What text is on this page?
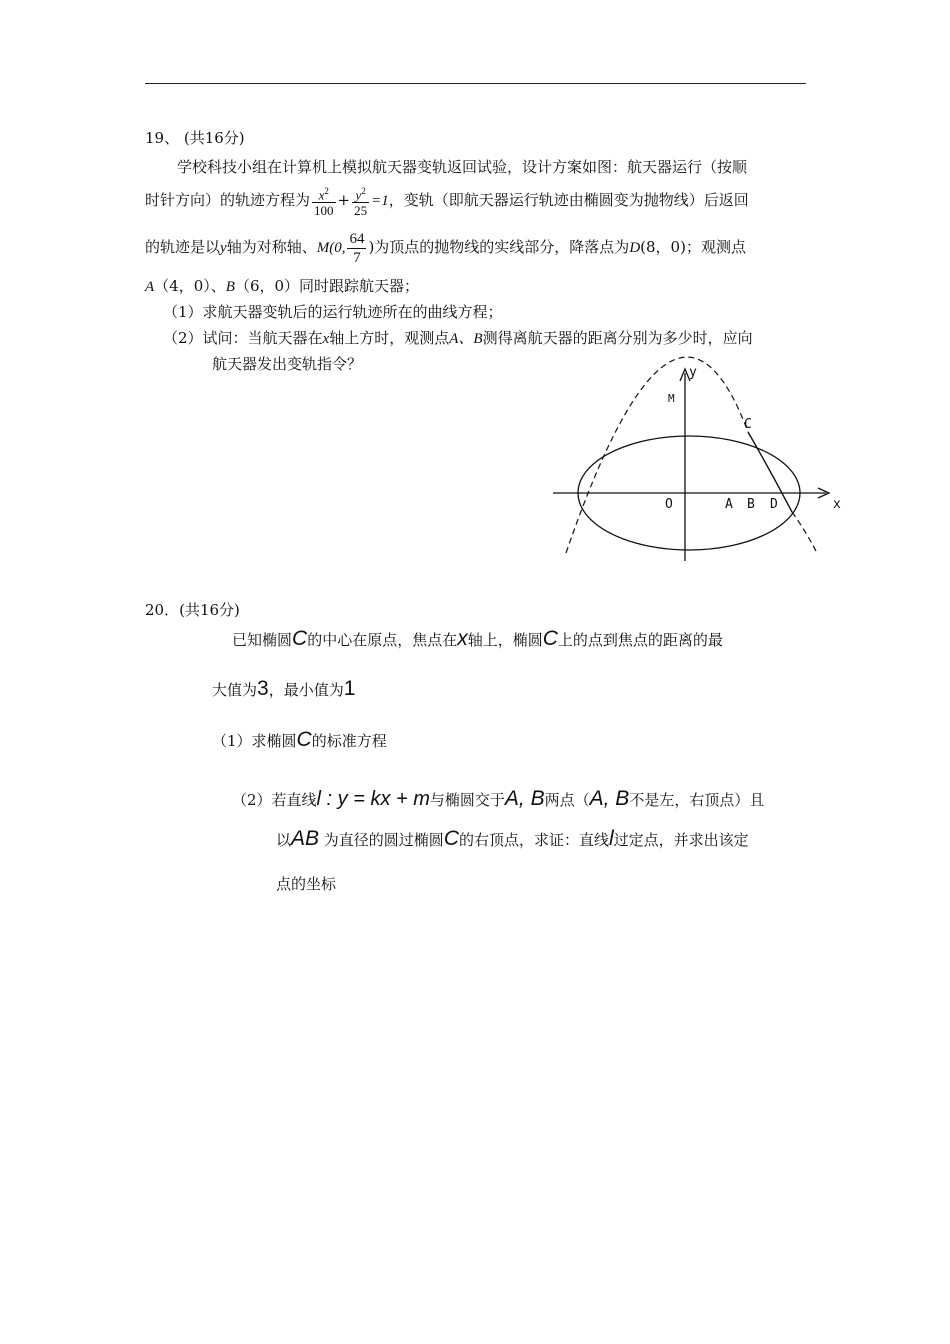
19、 (共16分)
学校科技小组在计算机上模拟航天器变轨返回试验，设计方案如图：航天器运行（按顺
时针方向）的轨迹方程为 $\frac{x^2}{100} + \frac{y^2}{25} =1$，变轨（即航天器运行轨迹由椭圆变为抛物线）后返回
的轨迹是以y轴为对称轴、M(0, $\frac{64}{7}$ )为顶点的抛物线的实线部分，降落点为D(8，0)；观测点
A（4，0）、B（6，0）同时跟踪航天器；
（1）求航天器变轨后的运行轨迹所在的曲线方程；
（2）试问：当航天器在x轴上方时，观测点A、B测得离航天器的距离分别为多少时，应向
航天器发出变轨指令？	y
x
M
C
O	A B D
20．(共16分)
已知椭圆C的中心在原点，焦点在x轴上，椭圆C上的点到焦点的距离的最
大值为3，最小值为1
（1）求椭圆C的标准方程
（2）若直线l : y = kx + m与椭圆交于A, B两点（A, B不是左，右顶点）且
以AB 为直径的圆过椭圆C的右顶点，求证：直线l过定点，并求出该定
点的坐标
